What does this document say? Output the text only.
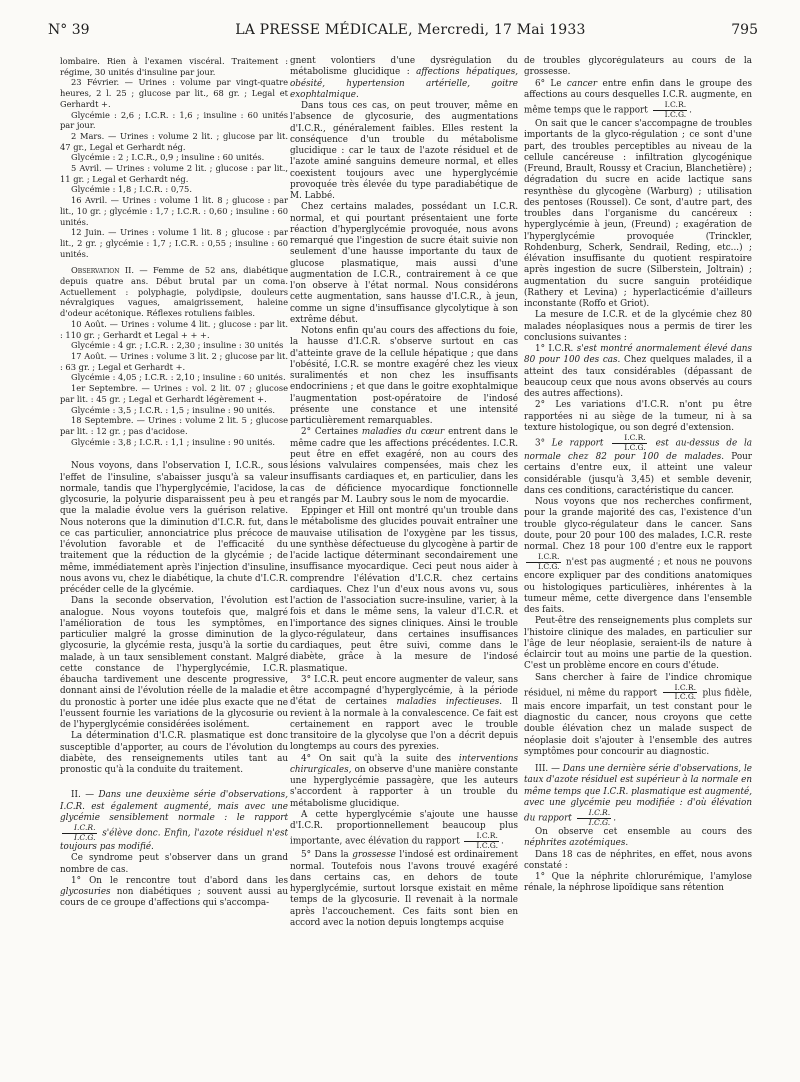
N° 39	LA PRESSE MÉDICALE, Mercredi, 17 Mai 1933	795

lombaire. Rien à l'examen viscéral. Traitement : régime, 30 unités d'insuline par jour.

23 Février. — Urines : volume par vingt-quatre heures, 2 l. 25 ; glucose par lit., 68 gr. ; Legal et Gerhardt +.

Glycémie : 2,6 ; I.C.R. : 1,6 ; insuline : 60 unités par jour.

2 Mars. — Urines : volume 2 lit. ; glucose par lit. 47 gr., Legal et Gerhardt nég.

Glycémie : 2 ; I.C.R., 0,9 ; insuline : 60 unités.

5 Avril. — Urines : volume 2 lit. ; glucose : par lit., 11 gr. ; Legal et Gerhardt nég.

Glycémie : 1,8 ; I.C.R. : 0,75.

16 Avril. — Urines : volume 1 lit. 8 ; glucose : par lit., 10 gr. ; glycémie : 1,7 ; I.C.R. : 0,60 ; insuline : 60 unités.

12 Juin. — Urines : volume 1 lit. 8 ; glucose : par lit., 2 gr. ; glycémie : 1,7 ; I.C.R. : 0,55 ; insuline : 60 unités.

Observation II. — Femme de 52 ans, diabétique depuis quatre ans. Début brutal par un coma. Actuellement : polyphagie, polydipsie, douleurs névralgiques vagues, amaigrissement, haleine d'odeur acétonique. Réflexes rotuliens faibles.

10 Août. — Urines : volume 4 lit. ; glucose : par lit. : 110 gr. ; Gerhardt et Legal + + +.

Glycémie : 4 gr. ; I.C.R. : 2,30 ; insuline : 30 unités

17 Août. — Urines : volume 3 lit. 2 ; glucose par lit. : 63 gr. ; Legal et Gerhardt +.

Glycémie : 4,05 ; I.C.R. : 2,10 ; insuline : 60 unités.

1er Septembre. — Urines : vol. 2 lit. 07 ; glucose par lit. : 45 gr. ; Legal et Gerhardt légèrement +.

Glycémie : 3,5 ; I.C.R. : 1,5 ; insuline : 90 unités.

18 Septembre. — Urines : volume 2 lit. 5 ; glucose par lit. : 12 gr. ; pas d'acidose.

Glycémie : 3,8 ; I.C.R. : 1,1 ; insuline : 90 unités.

Nous voyons, dans l'observation I, I.C.R., sous l'effet de l'insuline, s'abaisser jusqu'à sa valeur normale, tandis que l'hyperglycémie, l'acidose, la glycosurie, la polyurie disparaissent peu à peu et que la maladie évolue vers la guérison relative. Nous noterons que la diminution d'I.C.R. fut, dans ce cas particulier, annonciatrice plus précoce de l'évolution favorable et de l'efficacité du traitement que la réduction de la glycémie ; de même, immédiatement après l'injection d'insuline, nous avons vu, chez le diabétique, la chute d'I.C.R. précéder celle de la glycémie.

Dans la seconde observation, l'évolution est analogue. Nous voyons toutefois que, malgré l'amélioration de tous les symptômes, en particulier malgré la grosse diminution de la glycosurie, la glycémie resta, jusqu'à la sortie du malade, à un taux sensiblement constant. Malgré cette constance de l'hyperglycémie, I.C.R. ébaucha tardivement une descente progressive, donnant ainsi de l'évolution réelle de la maladie et du pronostic à porter une idée plus exacte que ne l'eussent fournie les variations de la glycosurie ou de l'hyperglycémie considérées isolément.

La détermination d'I.C.R. plasmatique est donc susceptible d'apporter, au cours de l'évolution du diabète, des renseignements utiles tant au pronostic qu'à la conduite du traitement.

II. — Dans une deuxième série d'observations, I.C.R. est également augmenté, mais avec une glycémie sensiblement normale : le rapport
$\frac{I.C.R.}{I.C.G.}$ s'élève donc. Enfin, l'azote résiduel n'est toujours pas modifié.

Ce syndrome peut s'observer dans un grand nombre de cas.

1° On le rencontre tout d'abord dans les glycosuries non diabétiques ; souvent aussi au cours de ce groupe d'affections qui s'accompa-

gnent volontiers d'une dysrégulation du métabolisme glucidique : affections hépatiques, obésité, hypertension artérielle, goitre exophtalmique.

Dans tous ces cas, on peut trouver, même en l'absence de glycosurie, des augmentations d'I.C.R., généralement faibles. Elles restent la conséquence d'un trouble du métabolisme glucidique : car le taux de l'azote résiduel et de l'azote aminé sanguins demeure normal, et elles coexistent toujours avec une hyperglycémie provoquée très élevée du type paradiabétique de M. Labbé.

Chez certains malades, possédant un I.C.R. normal, et qui pourtant présentaient une forte réaction d'hyperglycémie provoquée, nous avons remarqué que l'ingestion de sucre était suivie non seulement d'une hausse importante du taux de glucose plasmatique, mais aussi d'une augmentation de I.C.R., contrairement à ce que l'on observe à l'état normal. Nous considérons cette augmentation, sans hausse d'I.C.R., à jeun, comme un signe d'insuffisance glycolytique à son extrême début.

Notons enfin qu'au cours des affections du foie, la hausse d'I.C.R. s'observe surtout en cas d'atteinte grave de la cellule hépatique ; que dans l'obésité, I.C.R. se montre exagéré chez les vieux suralimentés et non chez les insuffisants endocriniens ; et que dans le goitre exophtalmique l'augmentation post-opératoire de l'indosé présente une constance et une intensité particulièrement remarquables.

2° Certaines maladies du cœur entrent dans le même cadre que les affections précédentes. I.C.R. peut être en effet exagéré, non au cours des lésions valvulaires compensées, mais chez les insuffisants cardiaques et, en particulier, dans les cas de déficience myocardique fonctionnelle rangés par M. Laubry sous le nom de myocardie.

Eppinger et Hill ont montré qu'un trouble dans le métabolisme des glucides pouvait entraîner une mauvaise utilisation de l'oxygène par les tissus, une synthèse défectueuse du glycogène à partir de l'acide lactique déterminant secondairement une insuffisance myocardique. Ceci peut nous aider à comprendre l'élévation d'I.C.R. chez certains cardiaques. Chez l'un d'eux nous avons vu, sous l'action de l'association sucre-insuline, varier, à la fois et dans le même sens, la valeur d'I.C.R. et l'importance des signes cliniques. Ainsi le trouble glyco-régulateur, dans certaines insuffisances cardiaques, peut être suivi, comme dans le diabète, grâce à la mesure de l'indosé plasmatique.

3° I.C.R. peut encore augmenter de valeur, sans être accompagné d'hyperglycémie, à la période d'état de certaines maladies infectieuses. Il revient à la normale à la convalescence. Ce fait est certainement en rapport avec le trouble transitoire de la glycolyse que l'on a décrit depuis longtemps au cours des pyrexies.

4° On sait qu'à la suite des interventions chirurgicales, on observe d'une manière constante une hyperglycémie passagère, que les auteurs s'accordent à rapporter à un trouble du métabolisme glucidique.

A cette hyperglycémie s'ajoute une hausse d'I.C.R. proportionnellement beaucoup plus importante, avec élévation du rapport $\frac{I.C.R.}{I.C.G.}$ .

5° Dans la grossesse l'indosé est ordinairement normal. Toutefois nous l'avons trouvé exagéré dans certains cas, en dehors de toute hyperglycémie, surtout lorsque existait en même temps de la glycosurie. Il revenait à la normale après l'accouchement. Ces faits sont bien en accord avec la notion depuis longtemps acquise

de troubles glycorégulateurs au cours de la grossesse.

6° Le cancer entre enfin dans le groupe des affections au cours desquelles I.C.R. augmente, en même temps que le rapport $\frac{I.C.R.}{I.C.G.}$ .

On sait que le cancer s'accompagne de troubles importants de la glyco-régulation ; ce sont d'une part, des troubles perceptibles au niveau de la cellule cancéreuse : infiltration glycogénique (Freund, Brault, Roussy et Craciun, Blanchetière) ; dégradation du sucre en acide lactique sans resynthèse du glycogène (Warburg) ; utilisation des pentoses (Roussel). Ce sont, d'autre part, des troubles dans l'organisme du cancéreux : hyperglycémie à jeun, (Freund) ; exagération de l'hyperglycémie provoquée (Trinckler, Rohdenburg, Scherk, Sendrail, Reding, etc...) ; élévation insuffisante du quotient respiratoire après ingestion de sucre (Silberstein, Joltrain) ; augmentation du sucre sanguin protéidique (Rathery et Levina) ; hyperlacticémie d'ailleurs inconstante (Roffo et Griot).

La mesure de I.C.R. et de la glycémie chez 80 malades néoplasiques nous a permis de tirer les conclusions suivantes :

1° I.C.R. s'est montré anormalement élevé dans 80 pour 100 des cas. Chez quelques malades, il a atteint des taux considérables (dépassant de beaucoup ceux que nous avons observés au cours des autres affections).

2° Les variations d'I.C.R. n'ont pu être rapportées ni au siège de la tumeur, ni à sa texture histologique, ou son degré d'extension.

3° Le rapport $\frac{I.C.R.}{I.C.G.}$ est au-dessus de la normale chez 82 pour 100 de malades. Pour certains d'entre eux, il atteint une valeur considérable (jusqu'à 3,45) et semble devenir, dans ces conditions, caractéristique du cancer.

Nous voyons que nos recherches confirment, pour la grande majorité des cas, l'existence d'un trouble glyco-régulateur dans le cancer. Sans doute, pour 20 pour 100 des malades, I.C.R. reste normal. Chez 18 pour 100 d'entre eux le rapport
$\frac{I.C.R.}{I.C.G.} n'est$ pas augmenté ; et nous ne pouvons encore expliquer par des conditions anatomiques ou histologiques particulières, inhérentes à la tumeur même, cette divergence dans l'ensemble des faits.

Peut-être des renseignements plus complets sur l'histoire clinique des malades, en particulier sur l'âge de leur néoplasie, seraient-ils de nature à éclaircir tout au moins une partie de la question. C'est un problème encore en cours d'étude.

Sans chercher à faire de l'indice chromique résiduel, ni même du rapport $\frac{I.C.R.}{I.C.G.}$ plus fidèle, mais encore imparfait, un test constant pour le diagnostic du cancer, nous croyons que cette double élévation chez un malade suspect de néoplasie doit s'ajouter à l'ensemble des autres symptômes pour concourir au diagnostic.

III. — Dans une dernière série d'observations, le taux d'azote résiduel est supérieur à la normale en même temps que I.C.R. plasmatique est augmenté, avec une glycémie peu modifiée : d'où élévation du rapport $\frac{I.C.R.}{I.C.G.}$ .

On observe cet ensemble au cours des néphrites azotémiques.

Dans 18 cas de néphrites, en effet, nous avons constaté :

1° Que la néphrite chlorurémique, l'amylose rénale, la néphrose lipoïdique sans rétention
